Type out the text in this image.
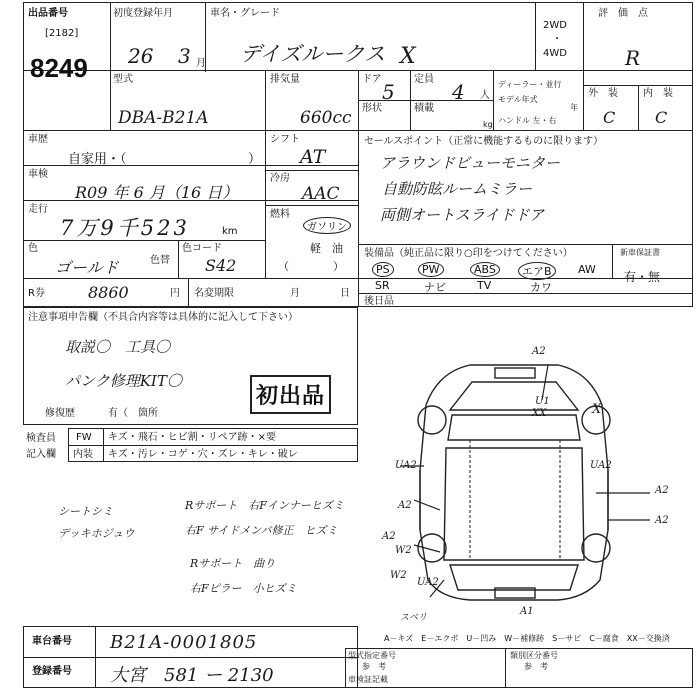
出品番号
[2182]
8249
初度登録年月
26 3 月
車名・グレード
デイズルークス X
2WD
・
4WD
評　価　点
R
型式
DBA-B21A
排気量
660cc
ドア
5
定員
4 人
ディーラー・並行
モデル年式
年
形状	積載
kg ハンドル 左・右
外　装	内　装
C C
車歴
自家用・（	）
車検
R09 年 6 月（16 日）
走行
7万9千523	km
色
ゴールド	色替
色コード
S42
シフト
AT
冷房
AAC
燃料
ガソリン
軽　油
（　　　　）
R券	8860	円 名変期限	月	日
セールスポイント（正常に機能するものに限ります）
アラウンドビューモニター
自動防眩ルームミラー
両側オートスライドドア
装備品（純正品に限り○印をつけてください）
PS	PW	ABS	エアB	AW
SR	ナビ	TV	カワ
新車保証書
有・無
後日品
注意事項申告欄（不具合内容等は具体的に記入して下さい）
取説〇　工具〇
パンク修理KIT〇
初出品
修復歴	有（　箇所
検査員
記入欄
FW キズ・飛石・ヒビ割・リペア跡・×要
内装 キズ・汚レ・コゲ・穴・ズレ・キレ・破レ
シートシミ
デッキホジュウ
Rサポート　右Fインナーヒズミ
右F サイドメンバ修正　ヒズミ
Rサポート　曲り
右Fピラー　小ヒズミ
A2
A2
U1
XX	X
A2
A2
A2
W2
UA2
UA2
W2
UA2
A1
スベリ
A－キズ　E－エクボ　U－凹み　W－補修跡　S－サビ　C－腐食　XX－交換済
車台番号 B21A-0001805
登録番号 大宮　581 ー 2130
型式指定番号
参　考
類別区分番号
参　考
車検証記載
